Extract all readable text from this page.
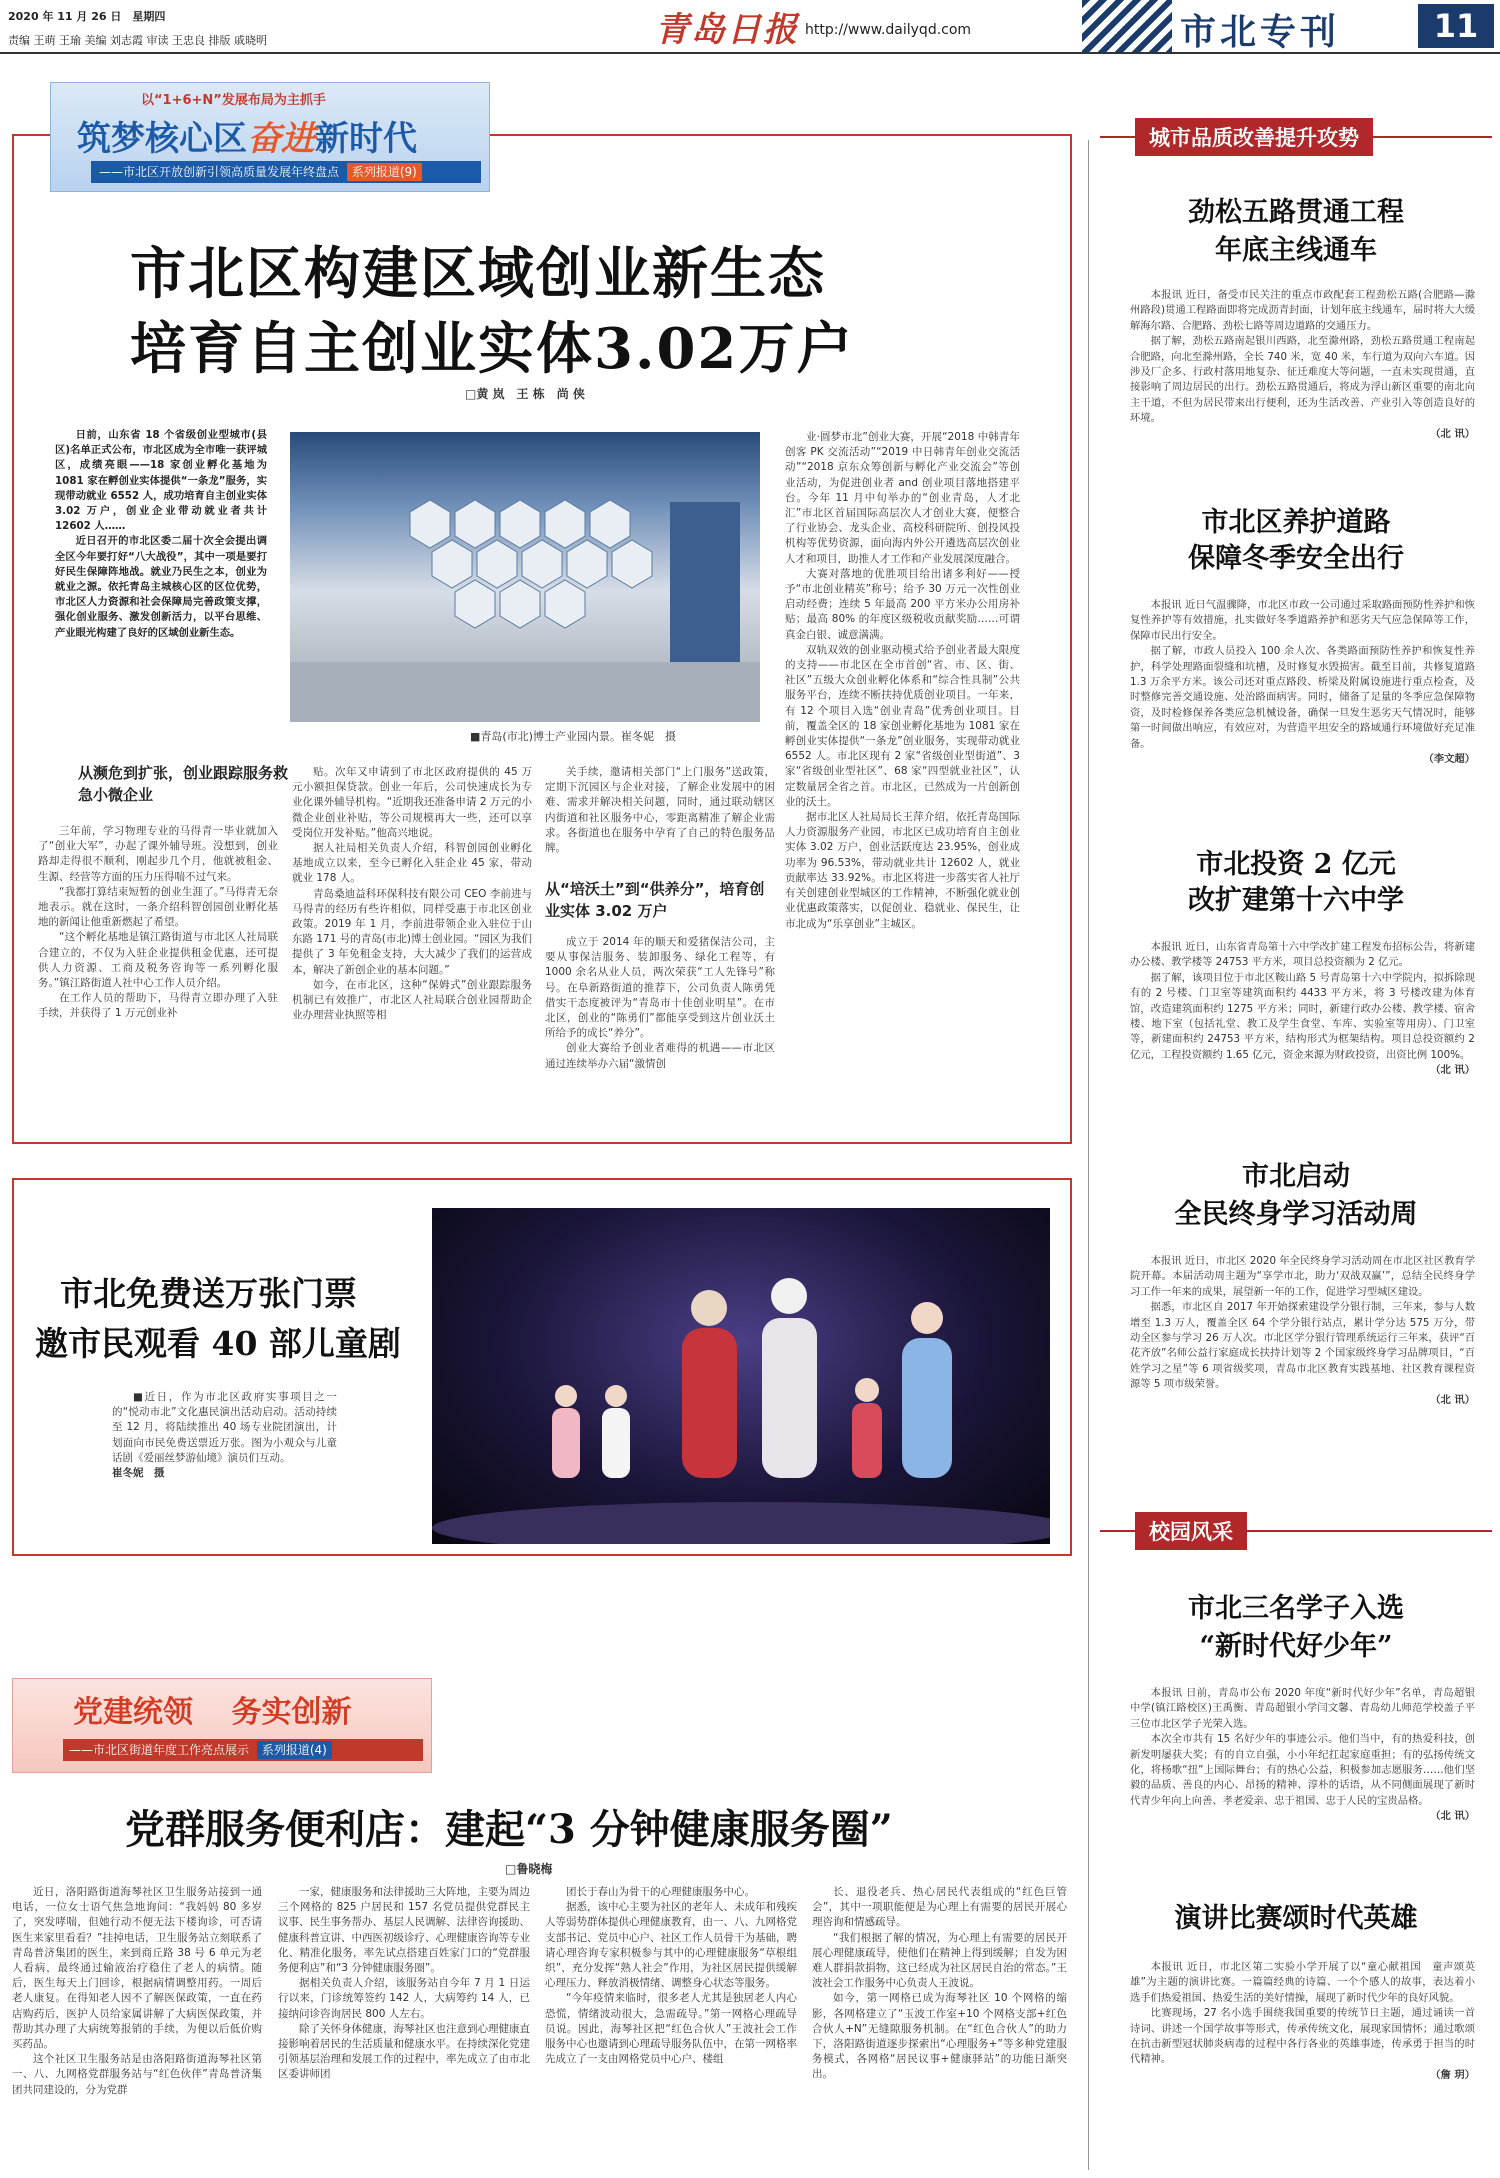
2020 年 11 月 26 日　星期四
责编 王萌 王瑜 美编 刘志霞 审读 王忠良 排版 戚晓明	青岛日报 http://www.dailyqd.com	市北专刊	11
以“1+6+N”发展布局为主抓手
筑梦核心区奋进新时代
——市北区开放创新引领高质量发展年终盘点 系列报道(9)
市北区构建区域创业新生态
培育自主创业实体3.02万户
□黄 岚　王 栋　尚 侠

日前，山东省 18 个省级创业型城市(县区)名单正式公布，市北区成为全市唯一获评城区，成绩亮眼——18 家创业孵化基地为 1081 家在孵创业实体提供“一条龙”服务，实现带动就业 6552 人，成功培育自主创业实体 3.02 万户，创业企业带动就业者共计 12602 人……

近日召开的市北区委二届十次全会提出调全区今年要打好“八大战役”，其中一项是要打好民生保障阵地战。就业乃民生之本，创业为就业之源。依托青岛主城核心区的区位优势，市北区人力资源和社会保障局完善政策支撑，强化创业服务、激发创新活力，以平台思维、产业眼光构建了良好的区域创业新生态。

■青岛(市北)博士产业园内景。崔冬妮　摄

业·圆梦市北”创业大赛，开展“2018 中韩青年创客 PK 交流活动”“2019 中日韩青年创业交流活动”“2018 京东众筹创新与孵化产业交流会”等创业活动，为促进创业者 and 创业项目落地搭建平台。今年 11 月中旬举办的“创业青岛，人才北汇”市北区首届国际高层次人才创业大赛，便整合了行业协会、龙头企业、高校科研院所、创投风投机构等优势资源，面向海内外公开遴选高层次创业人才和项目，助推人才工作和产业发展深度融合。

大赛对落地的优胜项目给出诸多利好——授予“市北创业精英”称号；给予 30 万元一次性创业启动经费；连续 5 年最高 200 平方米办公用房补贴；最高 80% 的年度区级税收贡献奖励……可谓真金白银、诚意满满。

双轨双效的创业驱动模式给予创业者最大限度的支持——市北区在全市首创“省、市、区、街、社区”五级大众创业孵化体系和“综合性具制”公共服务平台，连续不断扶持优质创业项目。一年来，有 12 个项目入选“创业青岛”优秀创业项目。目前，覆盖全区的 18 家创业孵化基地为 1081 家在孵创业实体提供“一条龙”创业服务，实现带动就业 6552 人。市北区现有 2 家“省级创业型街道”、3 家“省级创业型社区”、68 家“四型就业社区”，认定数量居全省之首。市北区，已然成为一片创新创业的沃土。

据市北区人社局局长王萍介绍，依托青岛国际人力资源服务产业园，市北区已成功培育自主创业实体 3.02 万户，创业活跃度达 23.95%，创业成功率为 96.53%，带动就业共计 12602 人，就业贡献率达 33.92%。市北区将进一步落实省人社厅有关创建创业型城区的工作精神，不断强化就业创业优惠政策落实，以促创业、稳就业、保民生，让市北成为“乐享创业”主城区。

从濒危到扩张，创业跟踪服务救急小微企业

三年前，学习物理专业的马得青一毕业就加入了“创业大军”，办起了课外辅导班。没想到，创业路却走得很不顺利，刚起步几个月，他就被租金、生源、经营等方面的压力压得喘不过气来。

“我都打算结束短暂的创业生涯了。”马得青无奈地表示。就在这时，一条介绍科智创园创业孵化基地的新闻让他重新燃起了希望。

“这个孵化基地是镇江路街道与市北区人社局联合建立的，不仅为入驻企业提供租金优惠，还可提供人力资源、工商及税务咨询等一系列孵化服务。”镇江路街道人社中心工作人员介绍。

在工作人员的帮助下，马得青立即办理了入驻手续，并获得了 1 万元创业补

贴。次年又申请到了市北区政府提供的 45 万元小额担保贷款。创业一年后，公司快速成长为专业化课外辅导机构。“近期我还准备申请 2 万元的小微企业创业补贴，等公司规模再大一些，还可以享受岗位开发补贴。”他高兴地说。

据人社局相关负责人介绍，科智创园创业孵化基地成立以来，至今已孵化入驻企业 45 家，带动就业 178 人。

青岛桑迪益科环保科技有限公司 CEO 李前进与马得青的经历有些许相似，同样受惠于市北区创业政策。2019 年 1 月，李前进带领企业入驻位于山东路 171 号的青岛(市北)博士创业园。“园区为我们提供了 3 年免租金支持，大大减少了我们的运营成本，解决了新创企业的基本问题。”

如今，在市北区，这种“保姆式”创业跟踪服务机制已有效推广，市北区人社局联合创业园帮助企业办理营业执照等相

关手续，邀请相关部门“上门服务”送政策，定期下沉园区与企业对接，了解企业发展中的困难、需求并解决相关问题，同时，通过联动辖区内街道和社区服务中心，零距离精准了解企业需求。各街道也在服务中孕育了自己的特色服务品牌。

从“培沃土”到“供养分”，培育创业实体 3.02 万户

成立于 2014 年的顺天和爱猪保洁公司，主要从事保洁服务、装卸服务、绿化工程等，有 1000 余名从业人员，两次荣获“工人先锋号”称号。在阜新路街道的推荐下，公司负责人陈勇凭借实干态度被评为“青岛市十佳创业明星”。在市北区，创业的“陈勇们”都能享受到这片创业沃土所给予的成长“养分”。

创业大赛给予创业者难得的机遇——市北区通过连续举办六届“激情创

市北免费送万张门票
邀市民观看 40 部儿童剧

■近日，作为市北区政府实事项目之一的“悦动市北”文化惠民演出活动启动。活动持续至 12 月，将陆续推出 40 场专业院团演出，计划面向市民免费送票近万张。图为小观众与儿童话剧《爱丽丝梦游仙境》演员们互动。

崔冬妮　摄
党建统领 务实创新
——市北区街道年度工作亮点展示 系列报道(4)
党群服务便利店：建起“3 分钟健康服务圈”
□鲁晓梅

近日，洛阳路街道海琴社区卫生服务站接到一通电话，一位女士语气焦急地询问：“我妈妈 80 多岁了，突发哮喘，但她行动不便无法下楼询诊，可否请医生来家里看看？”挂掉电话，卫生服务站立刻联系了青岛普济集团的医生，来到商丘路 38 号 6 单元为老人看病，最终通过输液治疗稳住了老人的病情。随后，医生每天上门回诊，根据病情调整用药。一周后老人康复。在得知老人因不了解医保政策，一直在药店购药后，医护人员给家属讲解了大病医保政策，并帮助其办理了大病统筹报销的手续，为便以后低价购买药品。

这个社区卫生服务站是由洛阳路街道海琴社区第一、八、九网格党群服务站与“红色伙伴”青岛普济集团共同建设的，分为党群

一家，健康服务和法律援助三大阵地，主要为周边三个网格的 825 户居民和 157 名党员提供党群民主议事、民生事务帮办、基层人民调解、法律咨询援助、健康科普宣讲、中西医初级诊疗、心理健康咨询等专业化、精准化服务，率先试点搭建百姓家门口的“党群服务便利店”和“3 分钟健康服务圈”。

据相关负责人介绍，该服务站自今年 7 月 1 日运行以来，门诊统筹签约 142 人，大病筹约 14 人，已接纳问诊咨询居民 800 人左右。

除了关怀身体健康，海琴社区也注意到心理健康直接影响着居民的生活质量和健康水平。在持续深化党建引领基层治理和发展工作的过程中，率先成立了由市北区委讲师团

团长于春山为骨干的心理健康服务中心。

据悉，该中心主要为社区的老年人、未成年和残疾人等弱势群体提供心理健康教育，由一、八、九网格党支部书记、党员中心户、社区工作人员骨干为基础，聘请心理咨询专家积极参与其中的心理健康服务“草根组织”，充分发挥“熟人社会”作用，为社区居民提供缓解心理压力、释放消极情绪、调整身心状态等服务。

“今年疫情来临时，很多老人尤其是独居老人内心恐慌，情绪波动很大，急需疏导。”第一网格心理疏导员说。因此，海琴社区把“红色合伙人”王波社会工作服务中心也邀请到心理疏导服务队伍中，在第一网格率先成立了一支由网格党员中心户、楼组

长、退役老兵、热心居民代表组成的“红色巨管会”，其中一项职能便是为心理上有需要的居民开展心理咨询和情感疏导。

“我们根据了解的情况，为心理上有需要的居民开展心理健康疏导，使他们在精神上得到缓解；自发为困难人群捐款捐物，这已经成为社区居民自治的常态。”王波社会工作服务中心负责人王波说。

如今，第一网格已成为海琴社区 10 个网格的缩影，各网格建立了“玉波工作室+10 个网格支部+红色合伙人+N”无缝隙服务机制。在“红色合伙人”的助力下，洛阳路街道逐步探索出“心理服务+”等多种党建服务模式，各网格“居民议事+健康驿站”的功能日渐突出。

城市品质改善提升攻势
劲松五路贯通工程
年底主线通车

本报讯 近日，备受市民关注的重点市政配套工程劲松五路(合肥路—滁州路段)贯通工程路面即将完成沥青封面，计划年底主线通车，届时将大大缓解海尔路、合肥路、劲松七路等周边道路的交通压力。

据了解，劲松五路南起银川西路，北至滁州路，劲松五路贯通工程南起合肥路，向北至滁州路，全长 740 米，宽 40 米，车行道为双向六车道。因涉及厂企多、行政村落用地复杂、征迁难度大等问题，一直未实现贯通，直接影响了周边居民的出行。劲松五路贯通后，将成为浮山新区重要的南北向主干道，不但为居民带来出行便利，还为生活改善、产业引入等创造良好的环境。

（北 讯）
市北区养护道路
保障冬季安全出行

本报讯 近日气温骤降，市北区市政一公司通过采取路面预防性养护和恢复性养护等有效措施，扎实做好冬季道路养护和恶劣天气应急保障等工作，保障市民出行安全。

据了解，市政人员投入 100 余人次、各类路面预防性养护和恢复性养护，科学处理路面裂缝和坑槽，及时修复水毁损害。截至目前，共修复道路 1.3 万余平方米。该公司还对重点路段、桥梁及附属设施进行重点检查，及时整修完善交通设施、处治路面病害。同时，储备了足量的冬季应急保障物资，及时检修保养各类应急机械设备，确保一旦发生恶劣天气情况时，能够第一时间做出响应，有效应对，为营造平坦安全的路域通行环境做好充足准备。

（李文超）
市北投资 2 亿元
改扩建第十六中学

本报讯 近日，山东省青岛第十六中学改扩建工程发布招标公告，将新建办公楼、教学楼等 24753 平方米，项目总投资额为 2 亿元。

据了解，该项目位于市北区鞍山路 5 号青岛第十六中学院内，拟拆除现有的 2 号楼、门卫室等建筑面积约 4433 平方米，将 3 号楼改建为体育馆，改造建筑面积约 1275 平方米；同时，新建行政办公楼、教学楼、宿舍楼、地下室（包括礼堂、教工及学生食堂、车库、实验室等用房）、门卫室等，新建面积约 24753 平方米，结构形式为框架结构。项目总投资额约 2 亿元，工程投资额约 1.65 亿元，资金来源为财政投资，出资比例 100%。

（北 讯）
市北启动
全民终身学习活动周

本报讯 近日，市北区 2020 年全民终身学习活动周在市北区社区教育学院开幕。本届活动周主题为“享学市北，助力‘双战双赢’”，总结全民终身学习工作一年来的成果，展望新一年的工作，促进学习型城区建设。

据悉，市北区自 2017 年开始探索建设学分银行制，三年来，参与人数增至 1.3 万人，覆盖全区 64 个学分银行站点，累计学分达 575 万分，带动全区参与学习 26 万人次。市北区学分银行管理系统运行三年来，获评“百花齐放”名师公益行家庭成长扶持计划等 2 个国家级终身学习品牌项目，“百姓学习之星”等 6 项省级奖项，青岛市北区教育实践基地、社区教育课程资源等 5 项市级荣誉。

（北 讯）
校园风采
市北三名学子入选
“新时代好少年”

本报讯 日前，青岛市公布 2020 年度“新时代好少年”名单，青岛超银中学(镇江路校区)王禹衡、青岛超银小学闫文馨、青岛幼儿师范学校盖子平三位市北区学子光荣入选。

本次全市共有 15 名好少年的事迹公示。他们当中，有的热爱科技，创新发明屡获大奖；有的自立自强，小小年纪扛起家庭重担；有的弘扬传统文化，将杨歌“扭”上国际舞台；有的热心公益，积极参加志愿服务……他们坚毅的品质、善良的内心、昂扬的精神、淳朴的话语，从不同侧面展现了新时代青少年向上向善、孝老爱亲、忠于祖国、忠于人民的宝贵品格。

（北 讯）
演讲比赛颂时代英雄

本报讯 近日，市北区第二实验小学开展了以“童心献祖国　童声颂英雄”为主题的演讲比赛。一篇篇经典的诗篇、一个个感人的故事，表达着小选手们热爱祖国、热爱生活的美好情操，展现了新时代少年的良好风貌。

比赛现场，27 名小选手围绕我国重要的传统节日主题，通过诵读一首诗词、讲述一个国学故事等形式，传承传统文化，展现家国情怀；通过歌颂在抗击新型冠状肺炎病毒的过程中各行各业的英雄事迹，传承勇于担当的时代精神。

（詹 玥）
